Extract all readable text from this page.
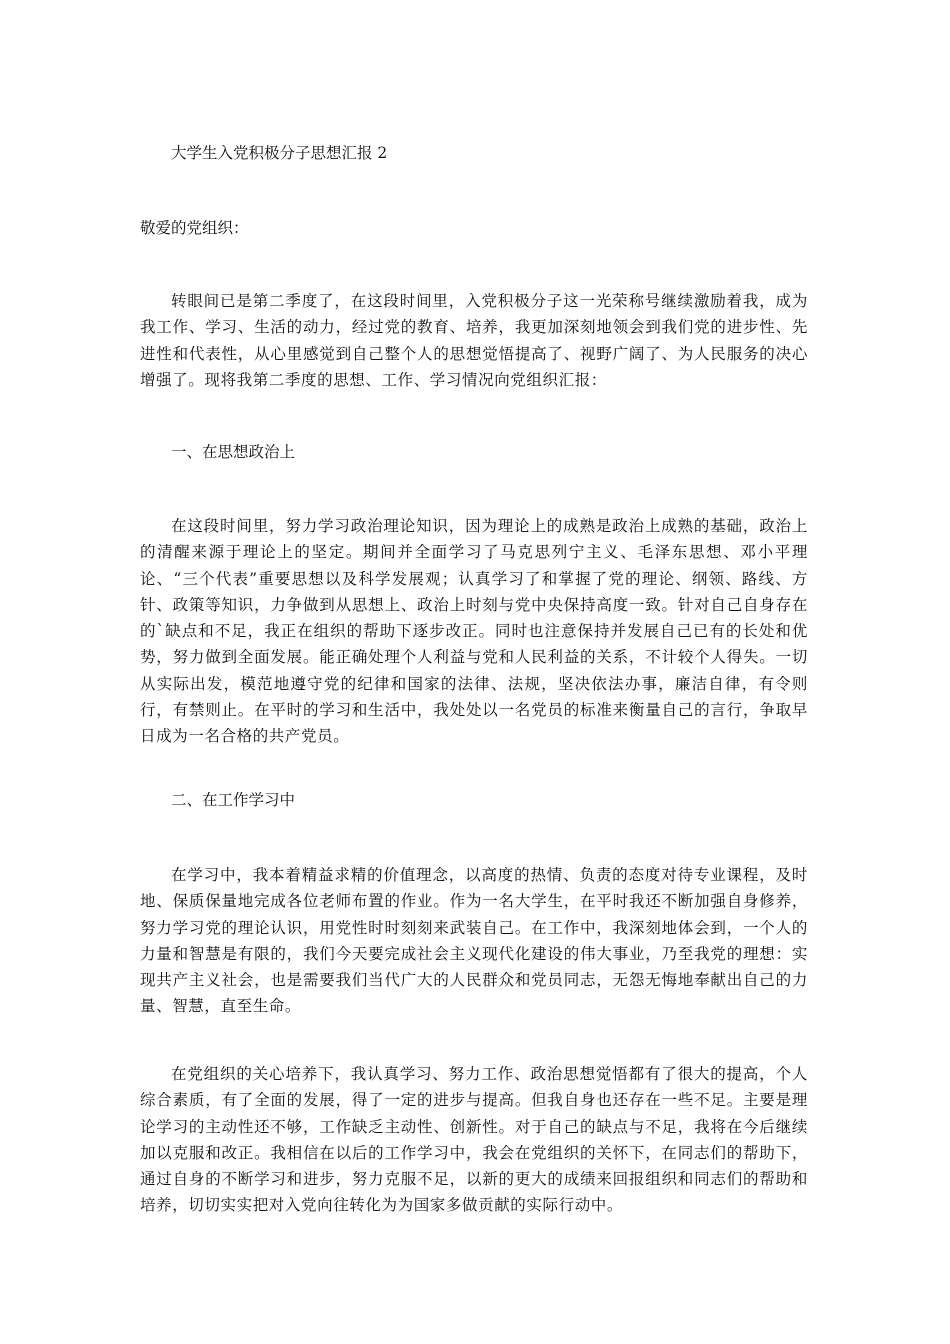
大学生入党积极分子思想汇报 2

敬爱的党组织：

转眼间已是第二季度了，在这段时间里，入党积极分子这一光荣称号继续激励着我，成为我工作、学习、生活的动力，经过党的教育、培养，我更加深刻地领会到我们党的进步性、先进性和代表性，从心里感觉到自己整个人的思想觉悟提高了、视野广阔了、为人民服务的决心增强了。现将我第二季度的思想、工作、学习情况向党组织汇报：

一、在思想政治上

在这段时间里，努力学习政治理论知识，因为理论上的成熟是政治上成熟的基础，政治上的清醒来源于理论上的坚定。期间并全面学习了马克思列宁主义、毛泽东思想、邓小平理论、“三个代表”重要思想以及科学发展观；认真学习了和掌握了党的理论、纲领、路线、方针、政策等知识，力争做到从思想上、政治上时刻与党中央保持高度一致。针对自己自身存在的`缺点和不足，我正在组织的帮助下逐步改正。同时也注意保持并发展自己已有的长处和优势，努力做到全面发展。能正确处理个人利益与党和人民利益的关系，不计较个人得失。一切从实际出发，模范地遵守党的纪律和国家的法律、法规，坚决依法办事，廉洁自律，有令则行，有禁则止。在平时的学习和生活中，我处处以一名党员的标准来衡量自己的言行，争取早日成为一名合格的共产党员。

二、在工作学习中

在学习中，我本着精益求精的价值理念，以高度的热情、负责的态度对待专业课程，及时地、保质保量地完成各位老师布置的作业。作为一名大学生，在平时我还不断加强自身修养，努力学习党的理论认识，用党性时时刻刻来武装自己。在工作中，我深刻地体会到，一个人的力量和智慧是有限的，我们今天要完成社会主义现代化建设的伟大事业，乃至我党的理想：实现共产主义社会，也是需要我们当代广大的人民群众和党员同志，无怨无悔地奉献出自己的力量、智慧，直至生命。

在党组织的关心培养下，我认真学习、努力工作、政治思想觉悟都有了很大的提高，个人综合素质，有了全面的发展，得了一定的进步与提高。但我自身也还存在一些不足。主要是理论学习的主动性还不够，工作缺乏主动性、创新性。对于自己的缺点与不足，我将在今后继续加以克服和改正。我相信在以后的工作学习中，我会在党组织的关怀下，在同志们的帮助下，通过自身的不断学习和进步，努力克服不足，以新的更大的成绩来回报组织和同志们的帮助和培养，切切实实把对入党向往转化为为国家多做贡献的实际行动中。
